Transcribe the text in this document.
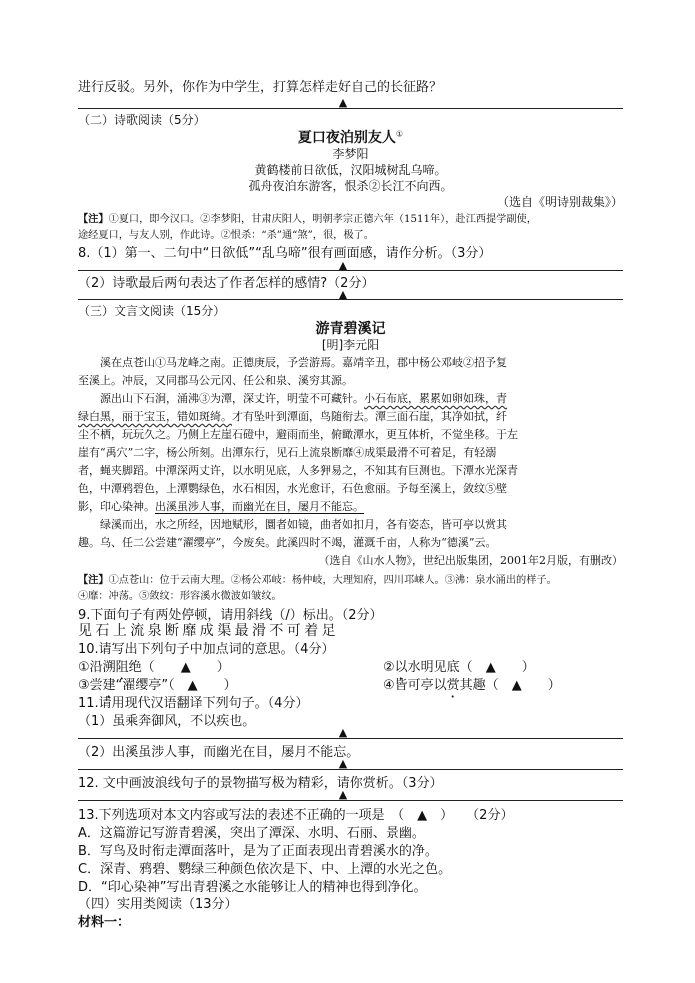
进行反驳。另外，你作为中学生，打算怎样走好自己的长征路？
▲
（二）诗歌阅读（5分）
夏口夜泊别友人①
李梦阳
黄鹤楼前日欲低，汉阳城树乱乌啼。
孤舟夜泊东游客，恨杀②长江不向西。
（选自《明诗别裁集》）
【注】①夏口，即今汉口。②李梦阳，甘肃庆阳人，明朝孝宗正德六年（1511年），赴江西提学副使，
途经夏口，与友人别，作此诗。②恨杀：“杀”通“煞”，很，极了。
8.（1）第一、二句中“日欲低”“乱乌啼”很有画面感，请作分析。（3分）
▲
（2）诗歌最后两句表达了作者怎样的感情?（2分）
▲
（三）文言文阅读（15分）
游青碧溪记
[明]李元阳
溪在点苍山①马龙峰之南。正德庚辰，予尝游焉。嘉靖辛丑，郡中杨公邓岐②招予复
至溪上。冲辰，又同郡马公元冈、任公和泉、溪穷其源。
源出山下石涧，涌沸③为潭，深丈许，明莹不可藏针。小石布底，累累如卵如珠，青
绿白黑，丽于宝玉，错如斑绮。才有坠叶到潭面，鸟随衔去。潭三面石崖，其净如拭，纤
尘不栖，玩玩久之。乃侧上左崖石磴中，避雨而坐，俯瞰潭水，更互体析，不觉坐移。于左
崖有“禹穴”二字，杨公所刻。出潭东行，见石上流泉断靡④成渠最滑不可着足，有轻溺
者，蝇夹脚蹈。中潭深两丈许，以水明见底，人多狎易之，不知其有巨测也。下潭水光深青
色，中潭鸦碧色，上潭鹦绿色，水石相因，水光愈讦，石色愈丽。予每至溪上，敛纹⑤壁
影，印心染神。出溪虽涉人事，而幽光在目，屡月不能忘。
绿溪而出，水之所经，因地赋形，圜者如镜，曲者如扣月，各有姿态，皆可亭以赏其
趣。乌、任二公尝建“濯缨亭”，今废矣。此溪四时不竭，灌溉千亩，人称为“德溪”云。
（选自《山水人物》，世纪出版集团，2001年2月版，有删改）
【注】①点苍山：位于云南大理。②杨公邓岐：杨仲岐，大理知府，四川邛崃人。③沸：泉水涌出的样子。
④靡：冲荡。⑤敛纹：形容溪水微波如皱纹。
9.下面句子有两处停顿，请用斜线（/）标出。（2分）
见石上流泉断靡成渠最滑不可着足
10.请写出下列句子中加点词的意思。（4分）
①沿溯阻绝（　　 ▲　　）	②以水明见底（　 ▲　　）
③尝建“濯缨亭”（　 ▲　　）	④皆可亭以赏其趣（　 ▲　　）
11.请用现代汉语翻译下列句子。（4分）
（1）虽乘奔御风，不以疾也。
▲
（2）出溪虽涉人事，而幽光在目，屡月不能忘。
▲
12. 文中画波浪线句子的景物描写极为精彩，请你赏析。（3分）
▲
13.下列选项对本文内容或写法的表述不正确的一项是　（　▲　）　　（2分）
A．这篇游记写游青碧溪，突出了潭深、水明、石丽、景幽。
B．写鸟及时衔走潭面落叶，是为了正面表现出青碧溪水的净。
C．深青、鸦碧、鹦绿三种颜色依次是下、中、上潭的水光之色。
D．“印心染神”写出青碧溪之水能够让人的精神也得到净化。
（四）实用类阅读（13分）
材料一：
